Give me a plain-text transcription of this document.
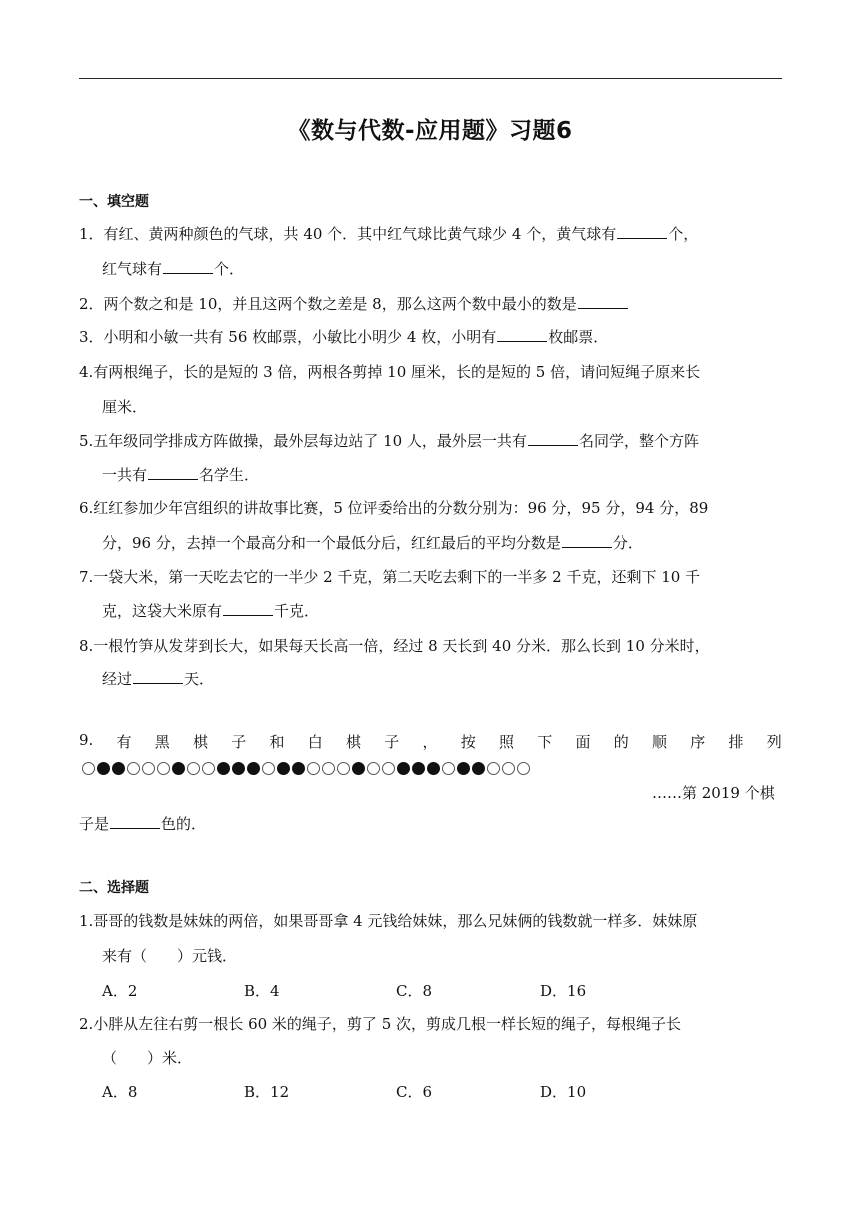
《数与代数-应用题》习题6
一、填空题
1．有红、黄两种颜色的气球，共 40 个．其中红气球比黄气球少 4 个，黄气球有	个，
红气球有	个．
2．两个数之和是 10，并且这两个数之差是 8，那么这两个数中最小的数是
3．小明和小敏一共有 56 枚邮票，小敏比小明少 4 枚，小明有	枚邮票．
4.有两根绳子，长的是短的 3 倍，两根各剪掉 10 厘米，长的是短的 5 倍，请问短绳子原来长
厘米．
5.五年级同学排成方阵做操，最外层每边站了 10 人，最外层一共有	名同学，整个方阵
一共有	名学生．
6.红红参加少年宫组织的讲故事比赛，5 位评委给出的分数分别为：96 分，95 分，94 分，89
分，96 分，去掉一个最高分和一个最低分后，红红最后的平均分数是	分．
7.一袋大米，第一天吃去它的一半少 2 千克，第二天吃去剩下的一半多 2 千克，还剩下 10 千
克，这袋大米原有	千克．
8.一根竹笋从发芽到长大，如果每天长高一倍，经过 8 天长到 40 分米．那么长到 10 分米时，
经过	天．
9. 有 黑 棋 子 和 白 棋 子 ， 按 照 下 面 的 顺 序 排 列
……第 2019 个棋
子是	色的．
二、选择题
1.哥哥的钱数是妹妹的两倍，如果哥哥拿 4 元钱给妹妹，那么兄妹俩的钱数就一样多．妹妹原
来有（　　）元钱．
A．2	B．4	C．8	D．16
2.小胖从左往右剪一根长 60 米的绳子，剪了 5 次，剪成几根一样长短的绳子，每根绳子长
（　　）米．
A．8	B．12	C．6	D．10
